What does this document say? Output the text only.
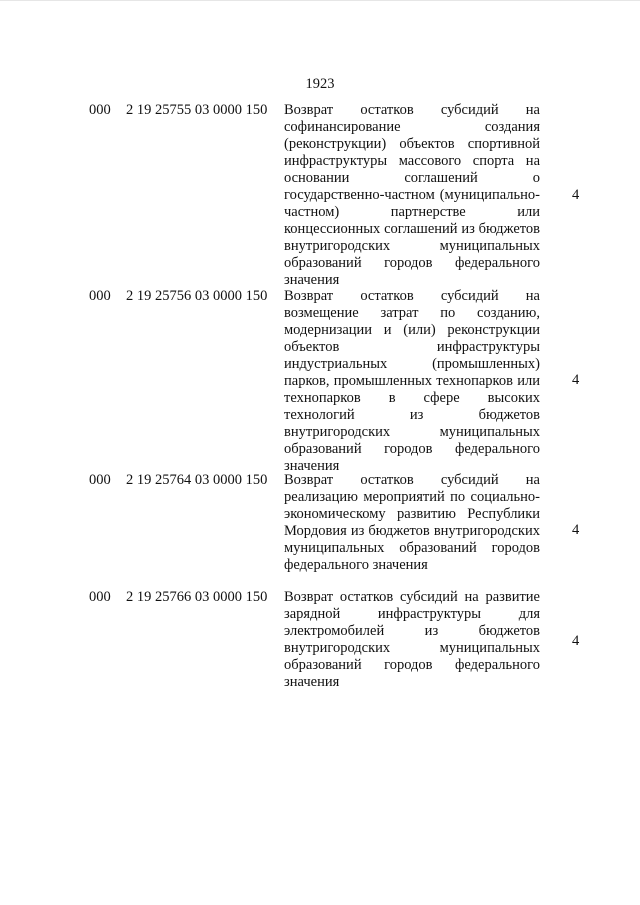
1923
000 2 19 25755 03 0000 150 Возврат остатков субсидий на софинансирование создания (реконструкции) объектов спортивной инфраструктуры массового спорта на основании соглашений о государственно-частном (муниципально-частном) партнерстве или концессионных соглашений из бюджетов внутригородских муниципальных образований городов федерального значения
4
000 2 19 25756 03 0000 150 Возврат остатков субсидий на возмещение затрат по созданию, модернизации и (или) реконструкции объектов инфраструктуры индустриальных (промышленных) парков, промышленных технопарков или технопарков в сфере высоких технологий из бюджетов внутригородских муниципальных образований городов федерального значения
4
000 2 19 25764 03 0000 150 Возврат остатков субсидий на реализацию мероприятий по социально-экономическому развитию Республики Мордовия из бюджетов внутригородских муниципальных образований городов федерального значения
4
000 2 19 25766 03 0000 150 Возврат остатков субсидий на развитие зарядной инфраструктуры для электромобилей из бюджетов внутригородских муниципальных образований городов федерального значения
4
